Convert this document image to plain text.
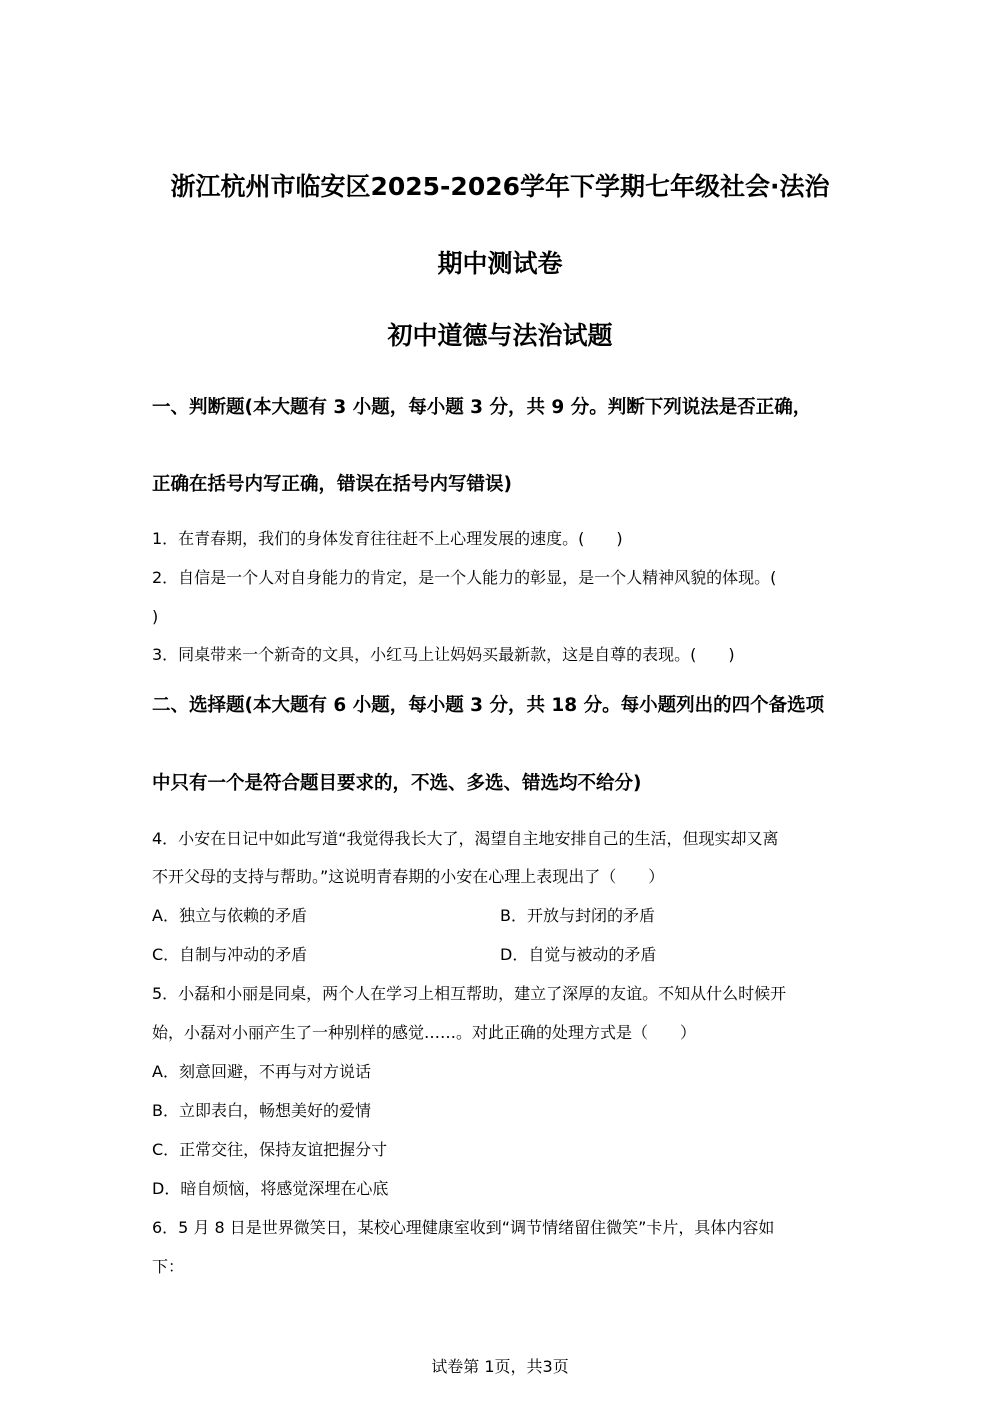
浙江杭州市临安区2025-2026学年下学期七年级社会·法治
期中测试卷
初中道德与法治试题
一、判断题(本大题有 3 小题，每小题 3 分，共 9 分。判断下列说法是否正确，
正确在括号内写正确，错误在括号内写错误)
1．在青春期，我们的身体发育往往赶不上心理发展的速度。(　　)
2．自信是一个人对自身能力的肯定，是一个人能力的彰显，是一个人精神风貌的体现。(
)
3．同桌带来一个新奇的文具，小红马上让妈妈买最新款，这是自尊的表现。(　　)
二、选择题(本大题有 6 小题，每小题 3 分，共 18 分。每小题列出的四个备选项
中只有一个是符合题目要求的，不选、多选、错选均不给分)
4．小安在日记中如此写道“我觉得我长大了，渴望自主地安排自己的生活，但现实却又离
不开父母的支持与帮助。”这说明青春期的小安在心理上表现出了（　　）
A．独立与依赖的矛盾	B．开放与封闭的矛盾
C．自制与冲动的矛盾	D．自觉与被动的矛盾
5．小磊和小丽是同桌，两个人在学习上相互帮助，建立了深厚的友谊。不知从什么时候开
始，小磊对小丽产生了一种别样的感觉……。对此正确的处理方式是（　　）
A．刻意回避，不再与对方说话
B．立即表白，畅想美好的爱情
C．正常交往，保持友谊把握分寸
D．暗自烦恼，将感觉深埋在心底
6．5 月 8 日是世界微笑日，某校心理健康室收到“调节情绪留住微笑”卡片，具体内容如
下：
试卷第 1页，共3页
